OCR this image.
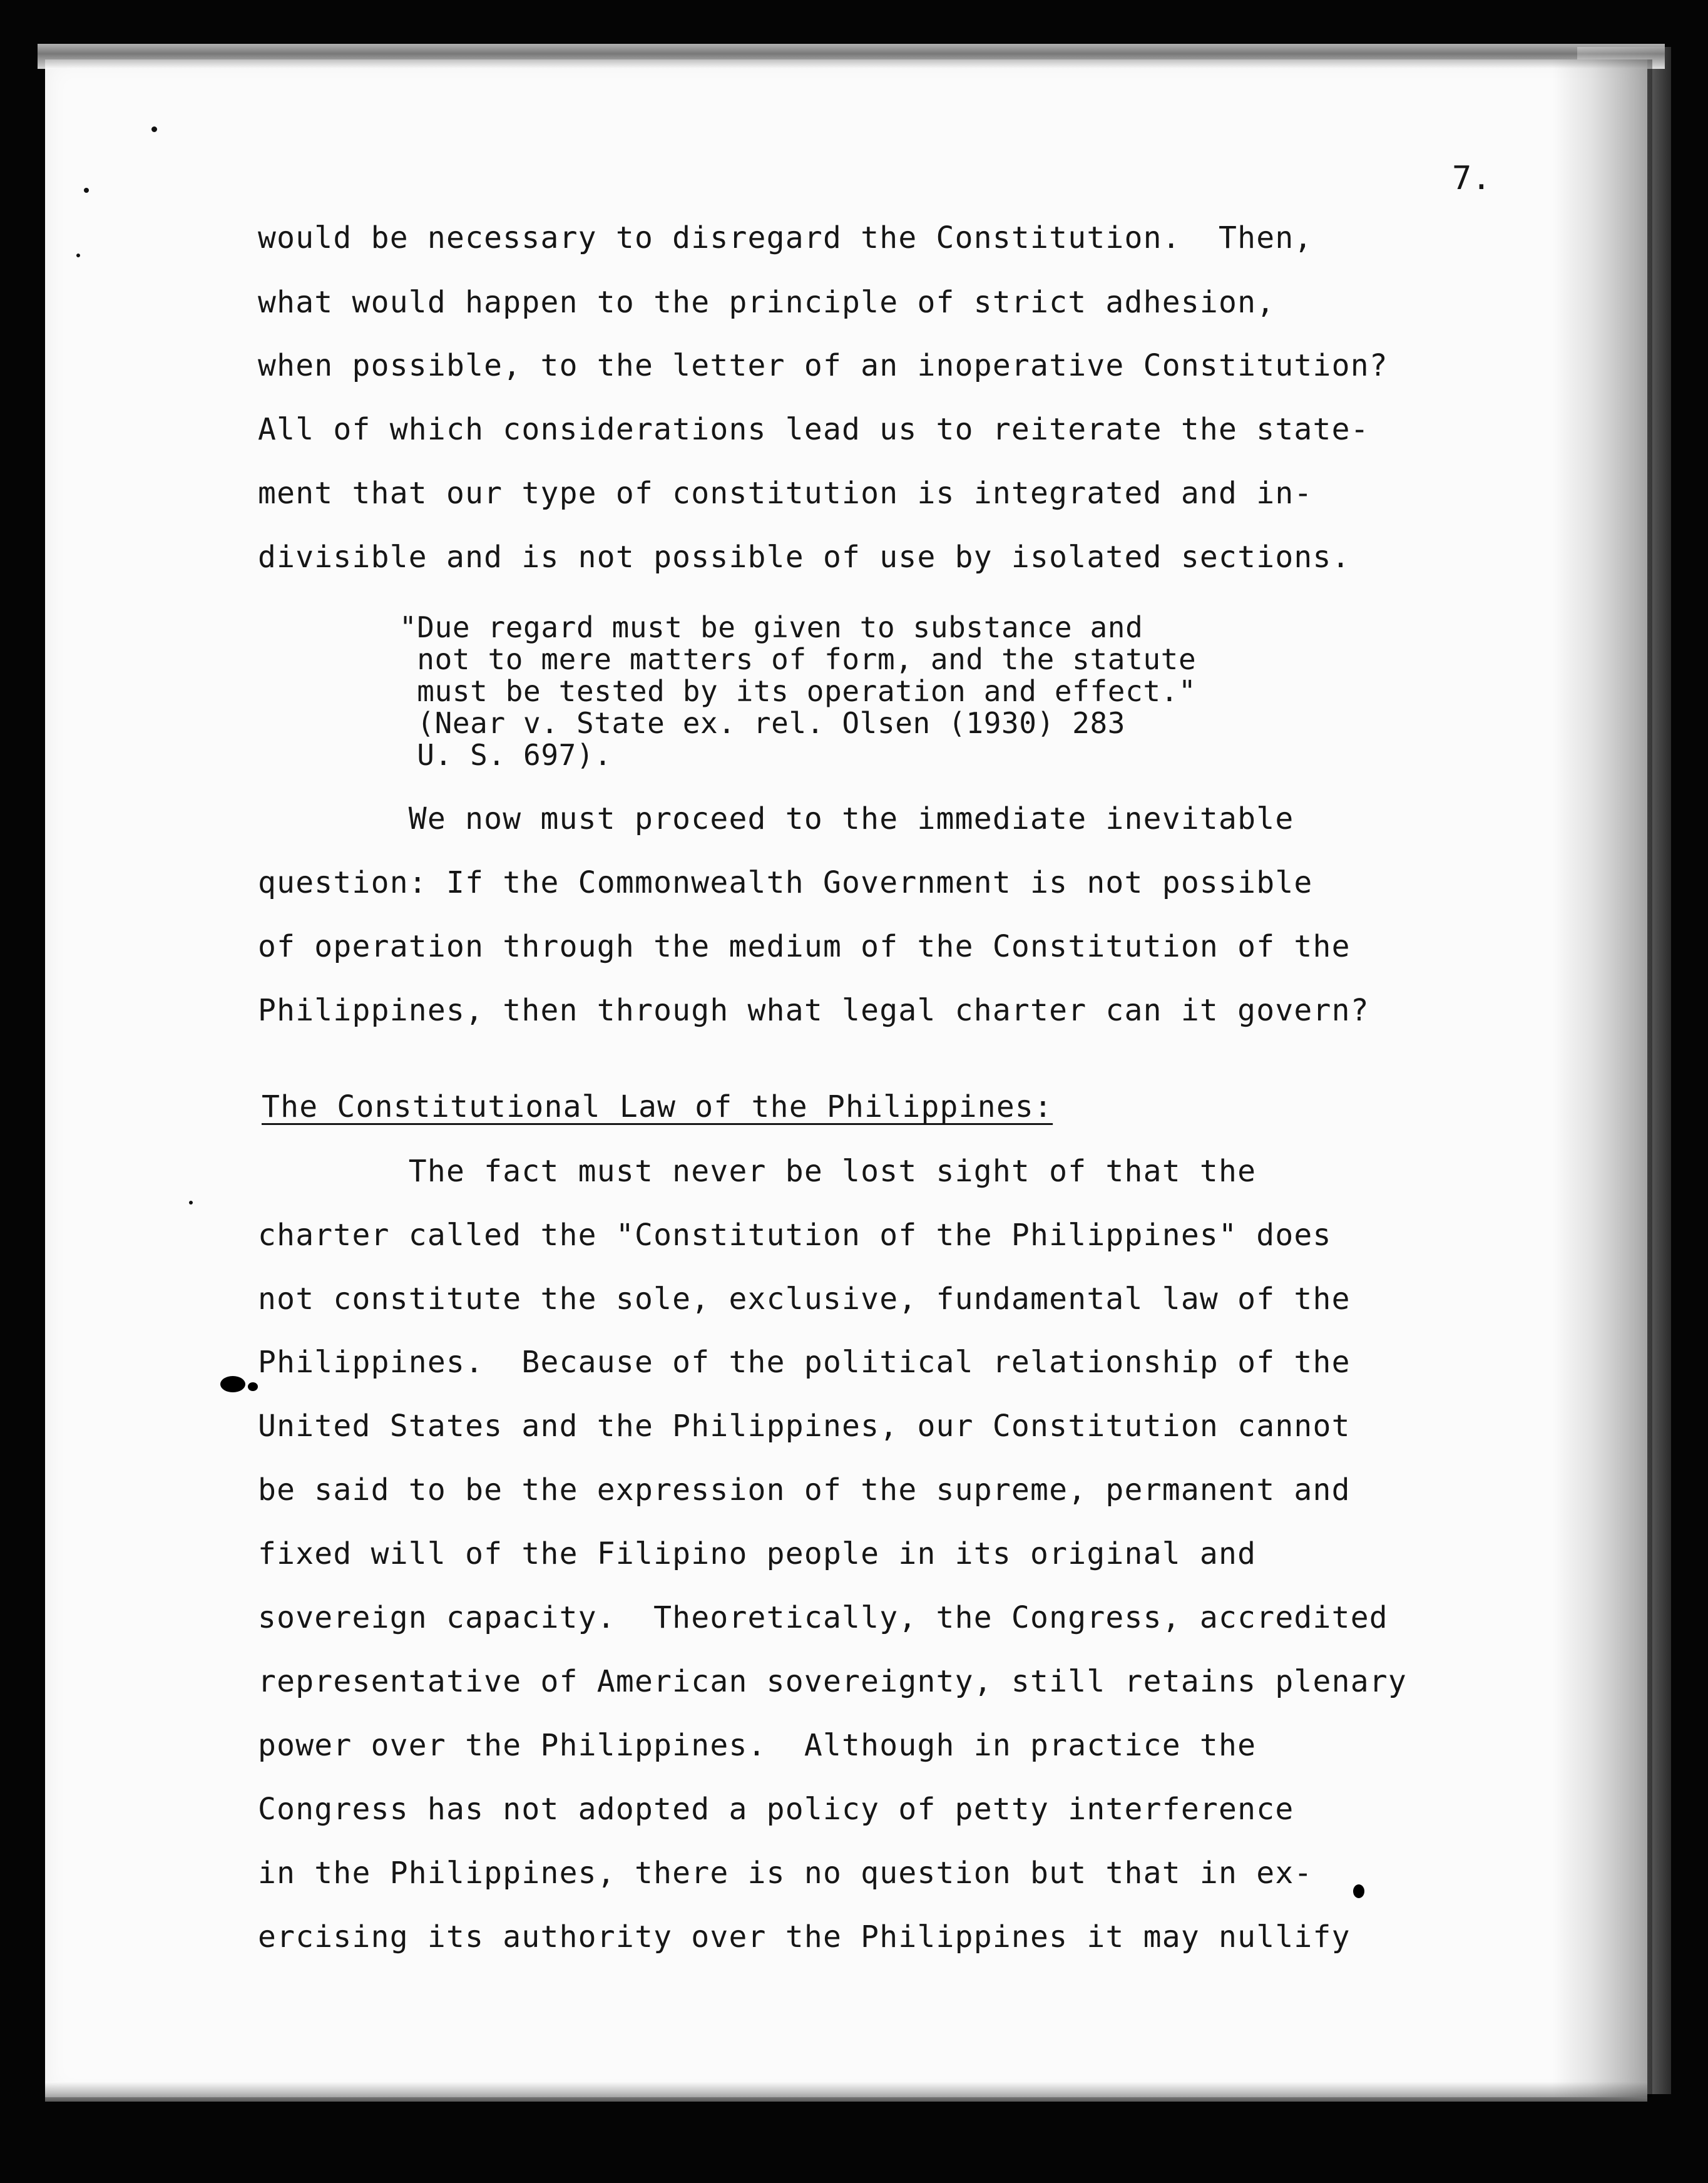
7.
would be necessary to disregard the Constitution.  Then,
what would happen to the principle of strict adhesion,
when possible, to the letter of an inoperative Constitution?
All of which considerations lead us to reiterate the state-
ment that our type of constitution is integrated and in-
divisible and is not possible of use by isolated sections.
"Due regard must be given to substance and
not to mere matters of form, and the statute
must be tested by its operation and effect."
(Near v. State ex. rel. Olsen (1930) 283
U. S. 697).
We now must proceed to the immediate inevitable
question: If the Commonwealth Government is not possible
of operation through the medium of the Constitution of the
Philippines, then through what legal charter can it govern?
The Constitutional Law of the Philippines:
The fact must never be lost sight of that the
charter called the "Constitution of the Philippines" does
not constitute the sole, exclusive, fundamental law of the
Philippines.  Because of the political relationship of the
United States and the Philippines, our Constitution cannot
be said to be the expression of the supreme, permanent and
fixed will of the Filipino people in its original and
sovereign capacity.  Theoretically, the Congress, accredited
representative of American sovereignty, still retains plenary
power over the Philippines.  Although in practice the
Congress has not adopted a policy of petty interference
in the Philippines, there is no question but that in ex-
ercising its authority over the Philippines it may nullify
